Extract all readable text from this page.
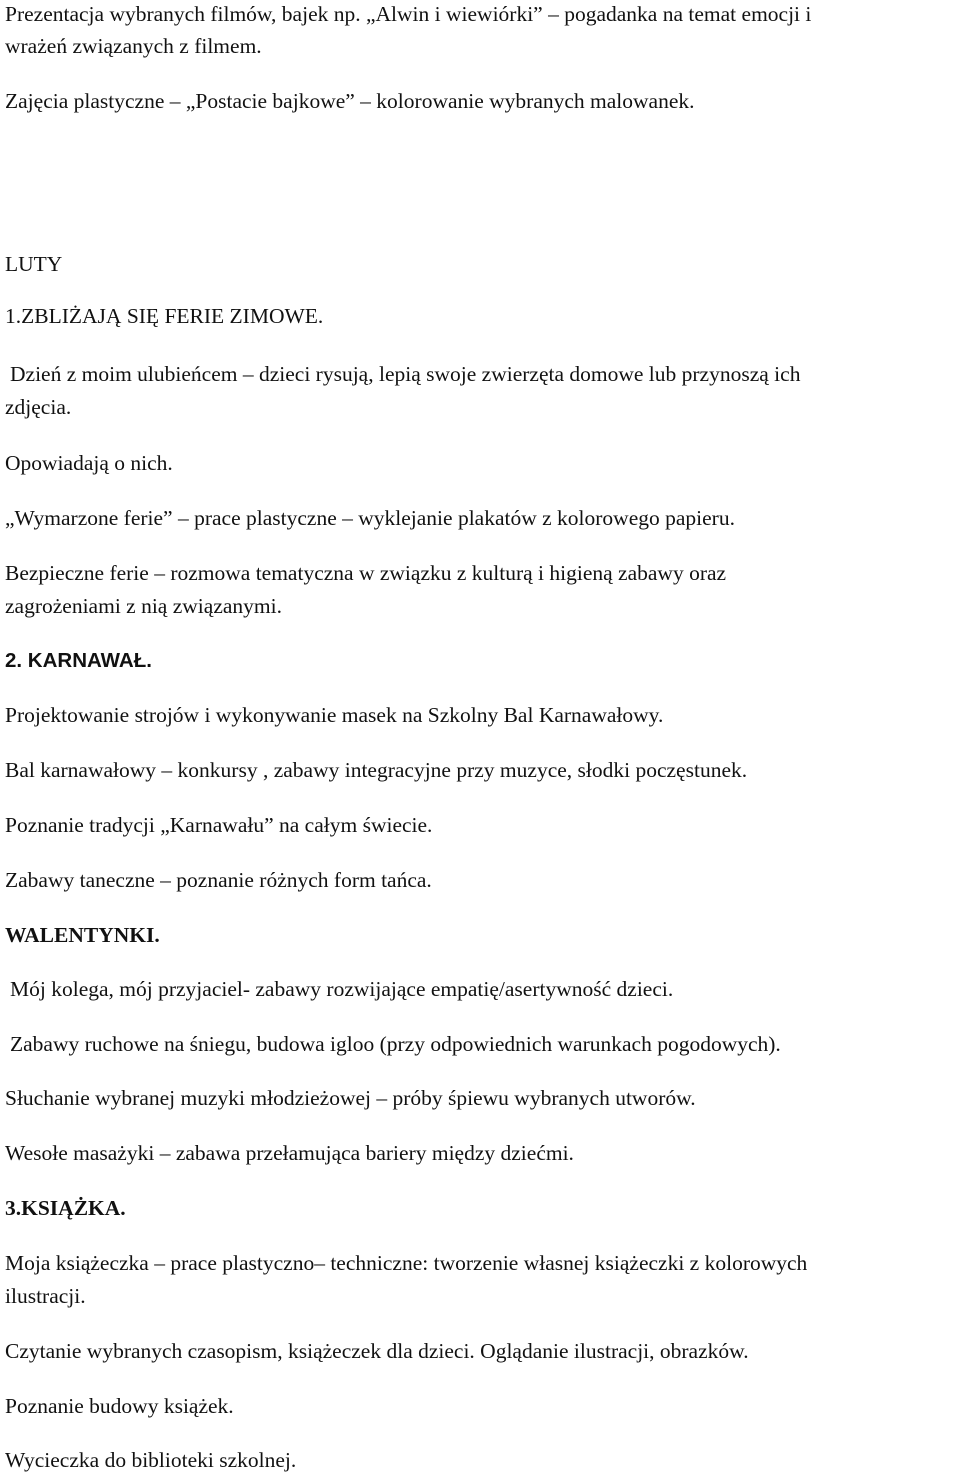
Prezentacja wybranych filmów, bajek np. „Alwin i wiewiórki” – pogadanka na temat emocji i

wrażeń związanych z filmem.

Zajęcia plastyczne – „Postacie bajkowe” – kolorowanie wybranych malowanek.

LUTY

1.ZBLIŻAJĄ SIĘ FERIE ZIMOWE.

Dzień z moim ulubieńcem – dzieci rysują, lepią swoje zwierzęta domowe lub przynoszą ich

zdjęcia.

Opowiadają o nich.

„Wymarzone ferie” – prace plastyczne – wyklejanie plakatów z kolorowego papieru.

Bezpieczne ferie – rozmowa tematyczna w związku z kulturą i higieną zabawy oraz

zagrożeniami z nią związanymi.

2. KARNAWAŁ.

Projektowanie strojów i wykonywanie masek na Szkolny Bal Karnawałowy.

Bal karnawałowy – konkursy , zabawy integracyjne przy muzyce, słodki poczęstunek.

Poznanie tradycji „Karnawału” na całym świecie.

Zabawy taneczne – poznanie różnych form tańca.

WALENTYNKI.

Mój kolega, mój przyjaciel- zabawy rozwijające empatię/asertywność dzieci.

Zabawy ruchowe na śniegu, budowa igloo (przy odpowiednich warunkach pogodowych).

Słuchanie wybranej muzyki młodzieżowej – próby śpiewu wybranych utworów.

Wesołe masażyki – zabawa przełamująca bariery między dziećmi.

3.KSIĄŻKA.

Moja książeczka – prace plastyczno– techniczne: tworzenie własnej książeczki z kolorowych

ilustracji.

Czytanie wybranych czasopism, książeczek dla dzieci. Oglądanie ilustracji, obrazków.

Poznanie budowy książek.

Wycieczka do biblioteki szkolnej.
